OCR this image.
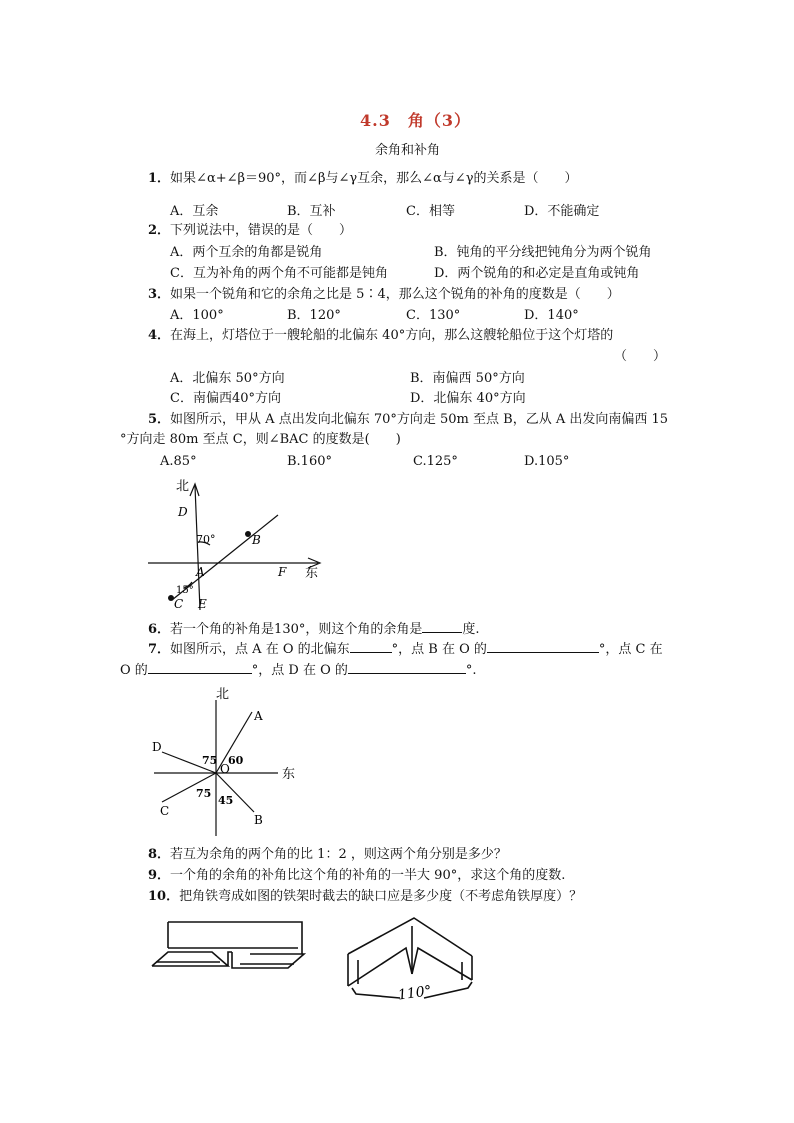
4.3　角（3）
余角和补角
1．如果∠α+∠β＝90°，而∠β与∠γ互余，那么∠α与∠γ的关系是（　　）
A．互余	B．互补	C．相等	D．不能确定
2．下列说法中，错误的是（　　）
A．两个互余的角都是锐角	B．钝角的平分线把钝角分为两个锐角
C．互为补角的两个角不可能都是钝角	D．两个锐角的和必定是直角或钝角
3．如果一个锐角和它的余角之比是 5∶4，那么这个锐角的补角的度数是（　　）
A．100°	B．120°	C．130°	D．140°
4．在海上，灯塔位于一艘轮船的北偏东 40°方向，那么这艘轮船位于这个灯塔的
（　　）
A．北偏东 50°方向	B．南偏西 50°方向
C．南偏西40°方向	D．北偏东 40°方向
5．如图所示，甲从 A 点出发向北偏东 70°方向走 50m 至点 B，乙从 A 出发向南偏西 15
°方向走 80m 至点 C，则∠BAC 的度数是(　　)
A.85°	B.160°	C.125°	D.105°
北
东
D
70°	B
A	F
15°
C E
6．若一个角的补角是130°，则这个角的余角是	度.
7．如图所示，点 A 在 O 的北偏东	°，点 B 在 O 的	°，点 C 在
O 的	°，点 D 在 O 的	°.
北
东
A
D
75 60
O
C
75
45
B
8．若互为余角的两个角的比 1：2 ，则这两个角分别是多少？
9．一个角的余角的补角比这个角的补角的一半大 90°，求这个角的度数.
10．把角铁弯成如图的铁架时截去的缺口应是多少度（不考虑角铁厚度）？
110°
